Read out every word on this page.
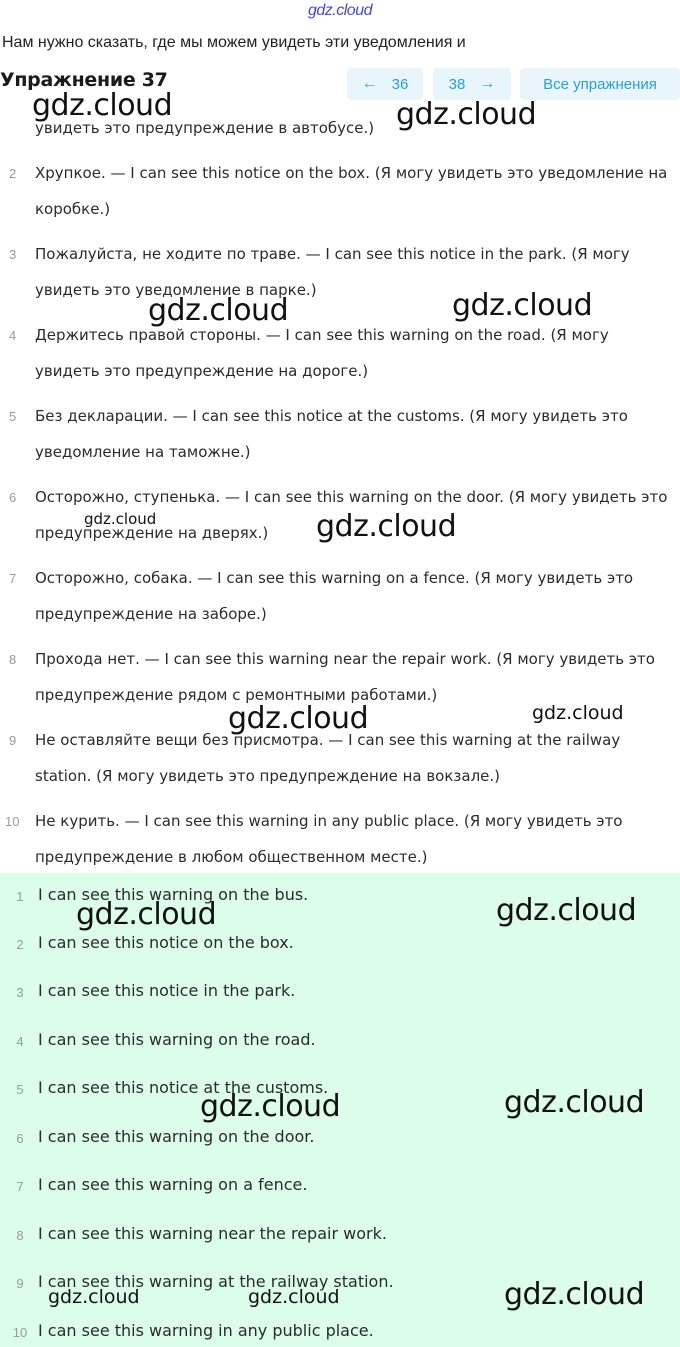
gdz.cloud
Нам нужно сказать, где мы можем увидеть эти уведомления и
Упражнение 37	← 36	38 →	Все упражнения
увидеть это предупреждение в автобусе.)
2 Хрупкое. — I can see this notice on the box. (Я могу увидеть это уведомление на коробке.)
3 Пожалуйста, не ходите по траве. — I can see this notice in the park. (Я могу увидеть это уведомление в парке.)
4 Держитесь правой стороны. — I can see this warning on the road. (Я могу увидеть это предупреждение на дороге.)
5 Без декларации. — I can see this notice at the customs. (Я могу увидеть это уведомление на таможне.)
6 Осторожно, ступенька. — I can see this warning on the door. (Я могу увидеть это предупреждение на дверях.)
7 Осторожно, собака. — I can see this warning on a fence. (Я могу увидеть это предупреждение на заборе.)
8 Прохода нет. — I can see this warning near the repair work. (Я могу увидеть это предупреждение рядом с ремонтными работами.)
9 Не оставляйте вещи без присмотра. — I can see this warning at the railway station. (Я могу увидеть это предупреждение на вокзале.)
10 Не курить. — I can see this warning in any public place. (Я могу увидеть это предупреждение в любом общественном месте.)
1 I can see this warning on the bus.
2 I can see this notice on the box.
3 I can see this notice in the park.
4 I can see this warning on the road.
5 I can see this notice at the customs.
6 I can see this warning on the door.
7 I can see this warning on a fence.
8 I can see this warning near the repair work.
9 I can see this warning at the railway station.
10 I can see this warning in any public place.
gdz.cloud	gdz.cloud
gdz.cloud	gdz.cloud
gdz.cloud	gdz.cloud
gdz.cloud	gdz.cloud
gdz.cloud	gdz.cloud
gdz.cloud	gdz.cloud
gdz.cloud	gdz.cloud	gdz.cloud
